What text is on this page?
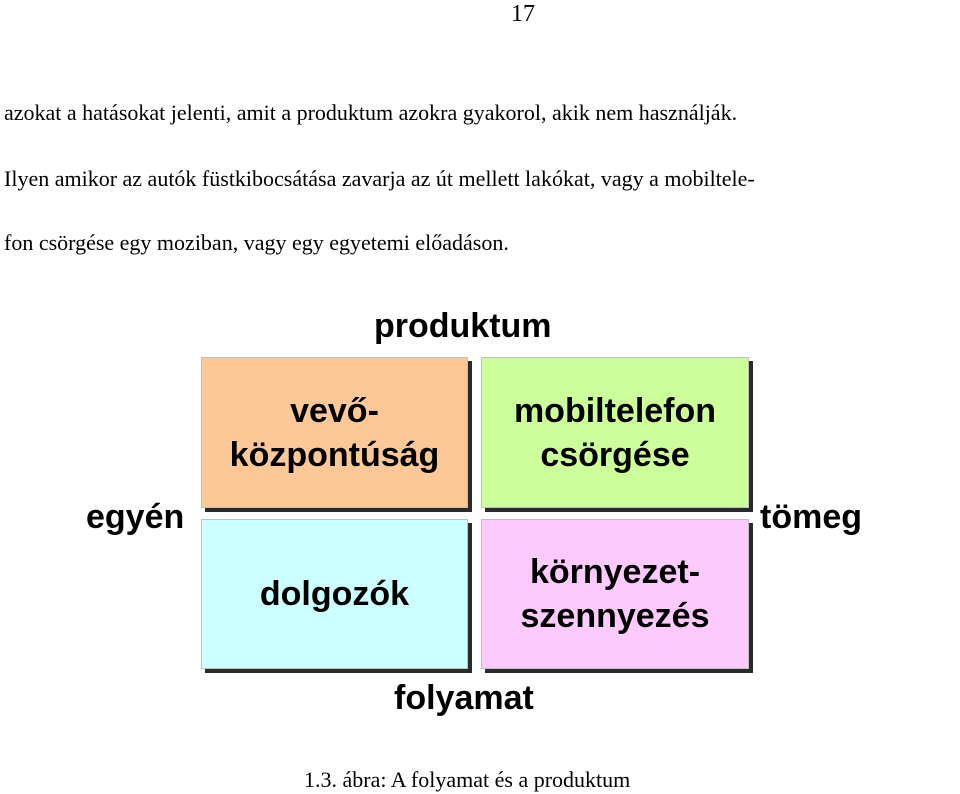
17
azokat a hatásokat jelenti, amit a produktum azokra gyakorol, akik nem használják.
Ilyen amikor az autók füstkibocsátása zavarja az út mellett lakókat, vagy a mobiltele-
fon csörgése egy moziban, vagy egy egyetemi előadáson.
produktum
egyén	tömeg
folyamat
vevő-
központúság
mobiltelefon
csörgése
dolgozók
környezet-
szennyezés
1.3. ábra: A folyamat és a produktum
